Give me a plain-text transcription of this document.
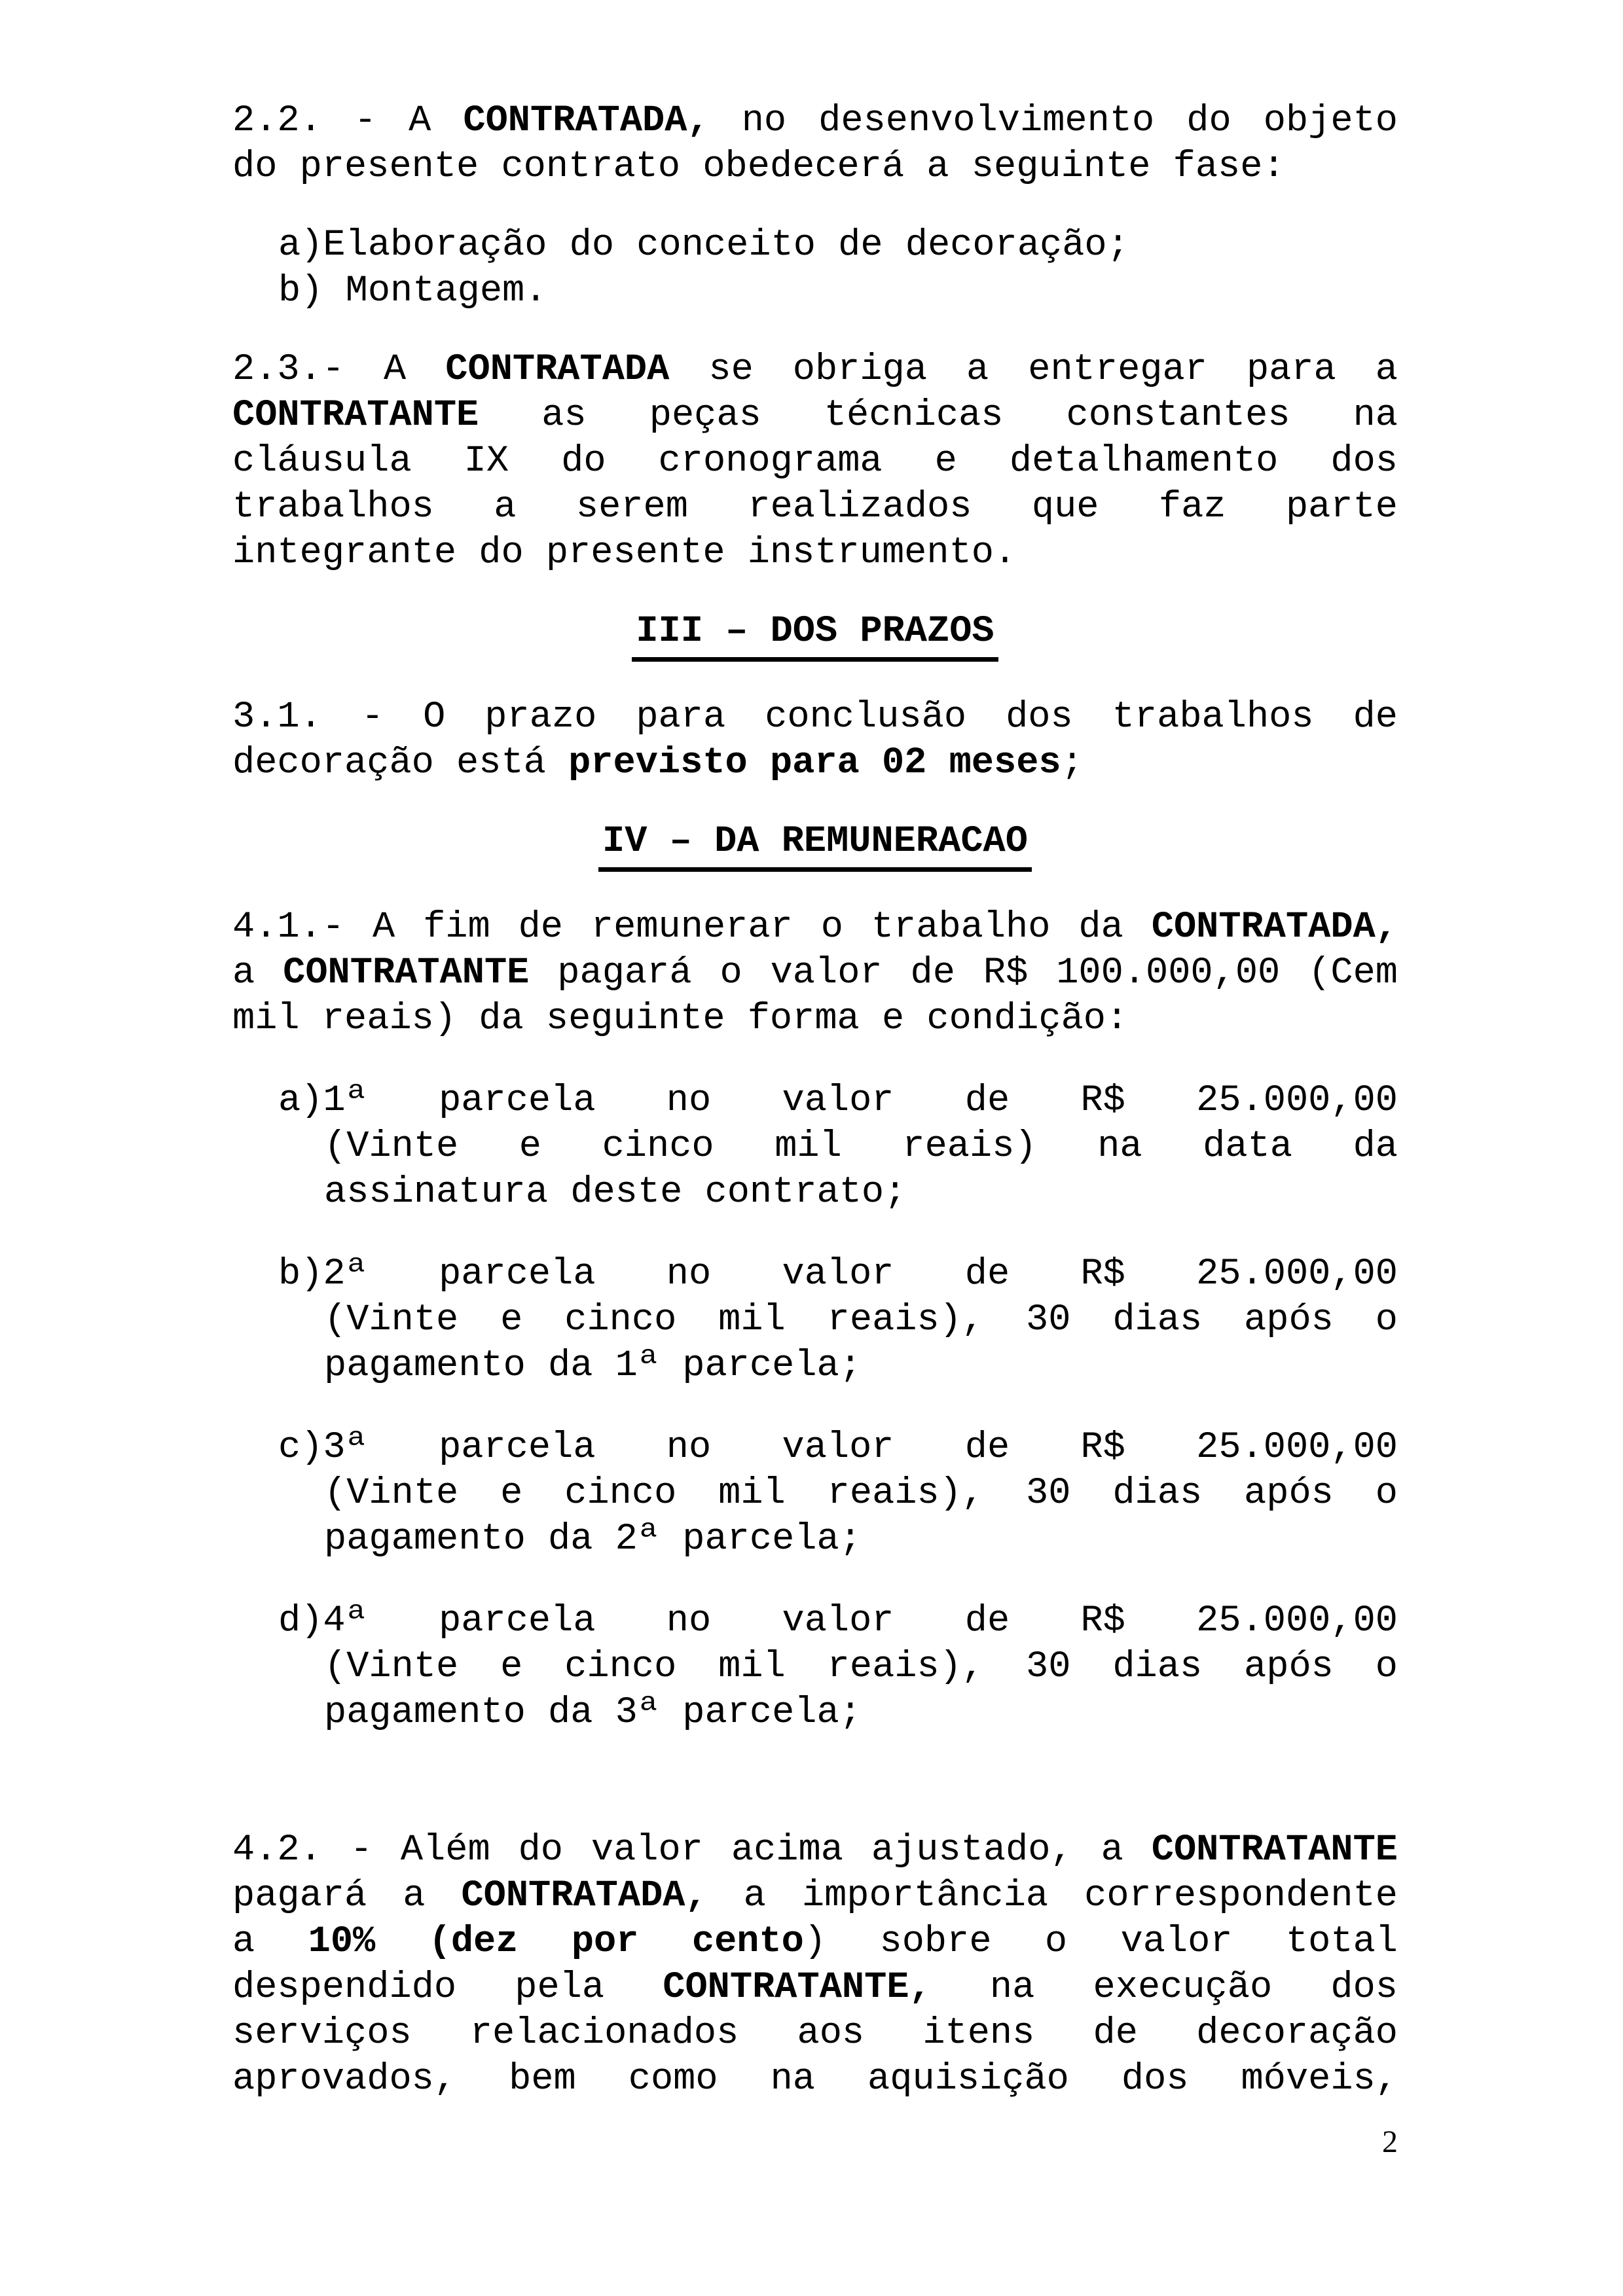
2.2. - A CONTRATADA, no desenvolvimento do objeto
do presente contrato obedecerá a seguinte fase:
a)Elaboração do conceito de decoração;
b) Montagem.
2.3.- A CONTRATADA se obriga a entregar para a
CONTRATANTE as peças técnicas constantes na
cláusula IX do cronograma e detalhamento dos
trabalhos a serem realizados que faz parte
integrante do presente instrumento.
III – DOS PRAZOS
3.1. - O prazo para conclusão dos trabalhos de
decoração está previsto para 02 meses;
IV – DA REMUNERACAO
4.1.- A fim de remunerar o trabalho da CONTRATADA,
a CONTRATANTE pagará o valor de R$ 100.000,00 (Cem
mil reais) da seguinte forma e condição:
a)1ª parcela no valor de R$ 25.000,00
(Vinte e cinco mil reais) na data da
assinatura deste contrato;
b)2ª parcela no valor de R$ 25.000,00
(Vinte e cinco mil reais), 30 dias após o
pagamento da 1ª parcela;
c)3ª parcela no valor de R$ 25.000,00
(Vinte e cinco mil reais), 30 dias após o
pagamento da 2ª parcela;
d)4ª parcela no valor de R$ 25.000,00
(Vinte e cinco mil reais), 30 dias após o
pagamento da 3ª parcela;
4.2. - Além do valor acima ajustado, a CONTRATANTE
pagará a CONTRATADA, a importância correspondente
a 10% (dez por cento) sobre o valor total
despendido pela CONTRATANTE, na execução dos
serviços relacionados aos itens de decoração
aprovados, bem como na aquisição dos móveis,
2
